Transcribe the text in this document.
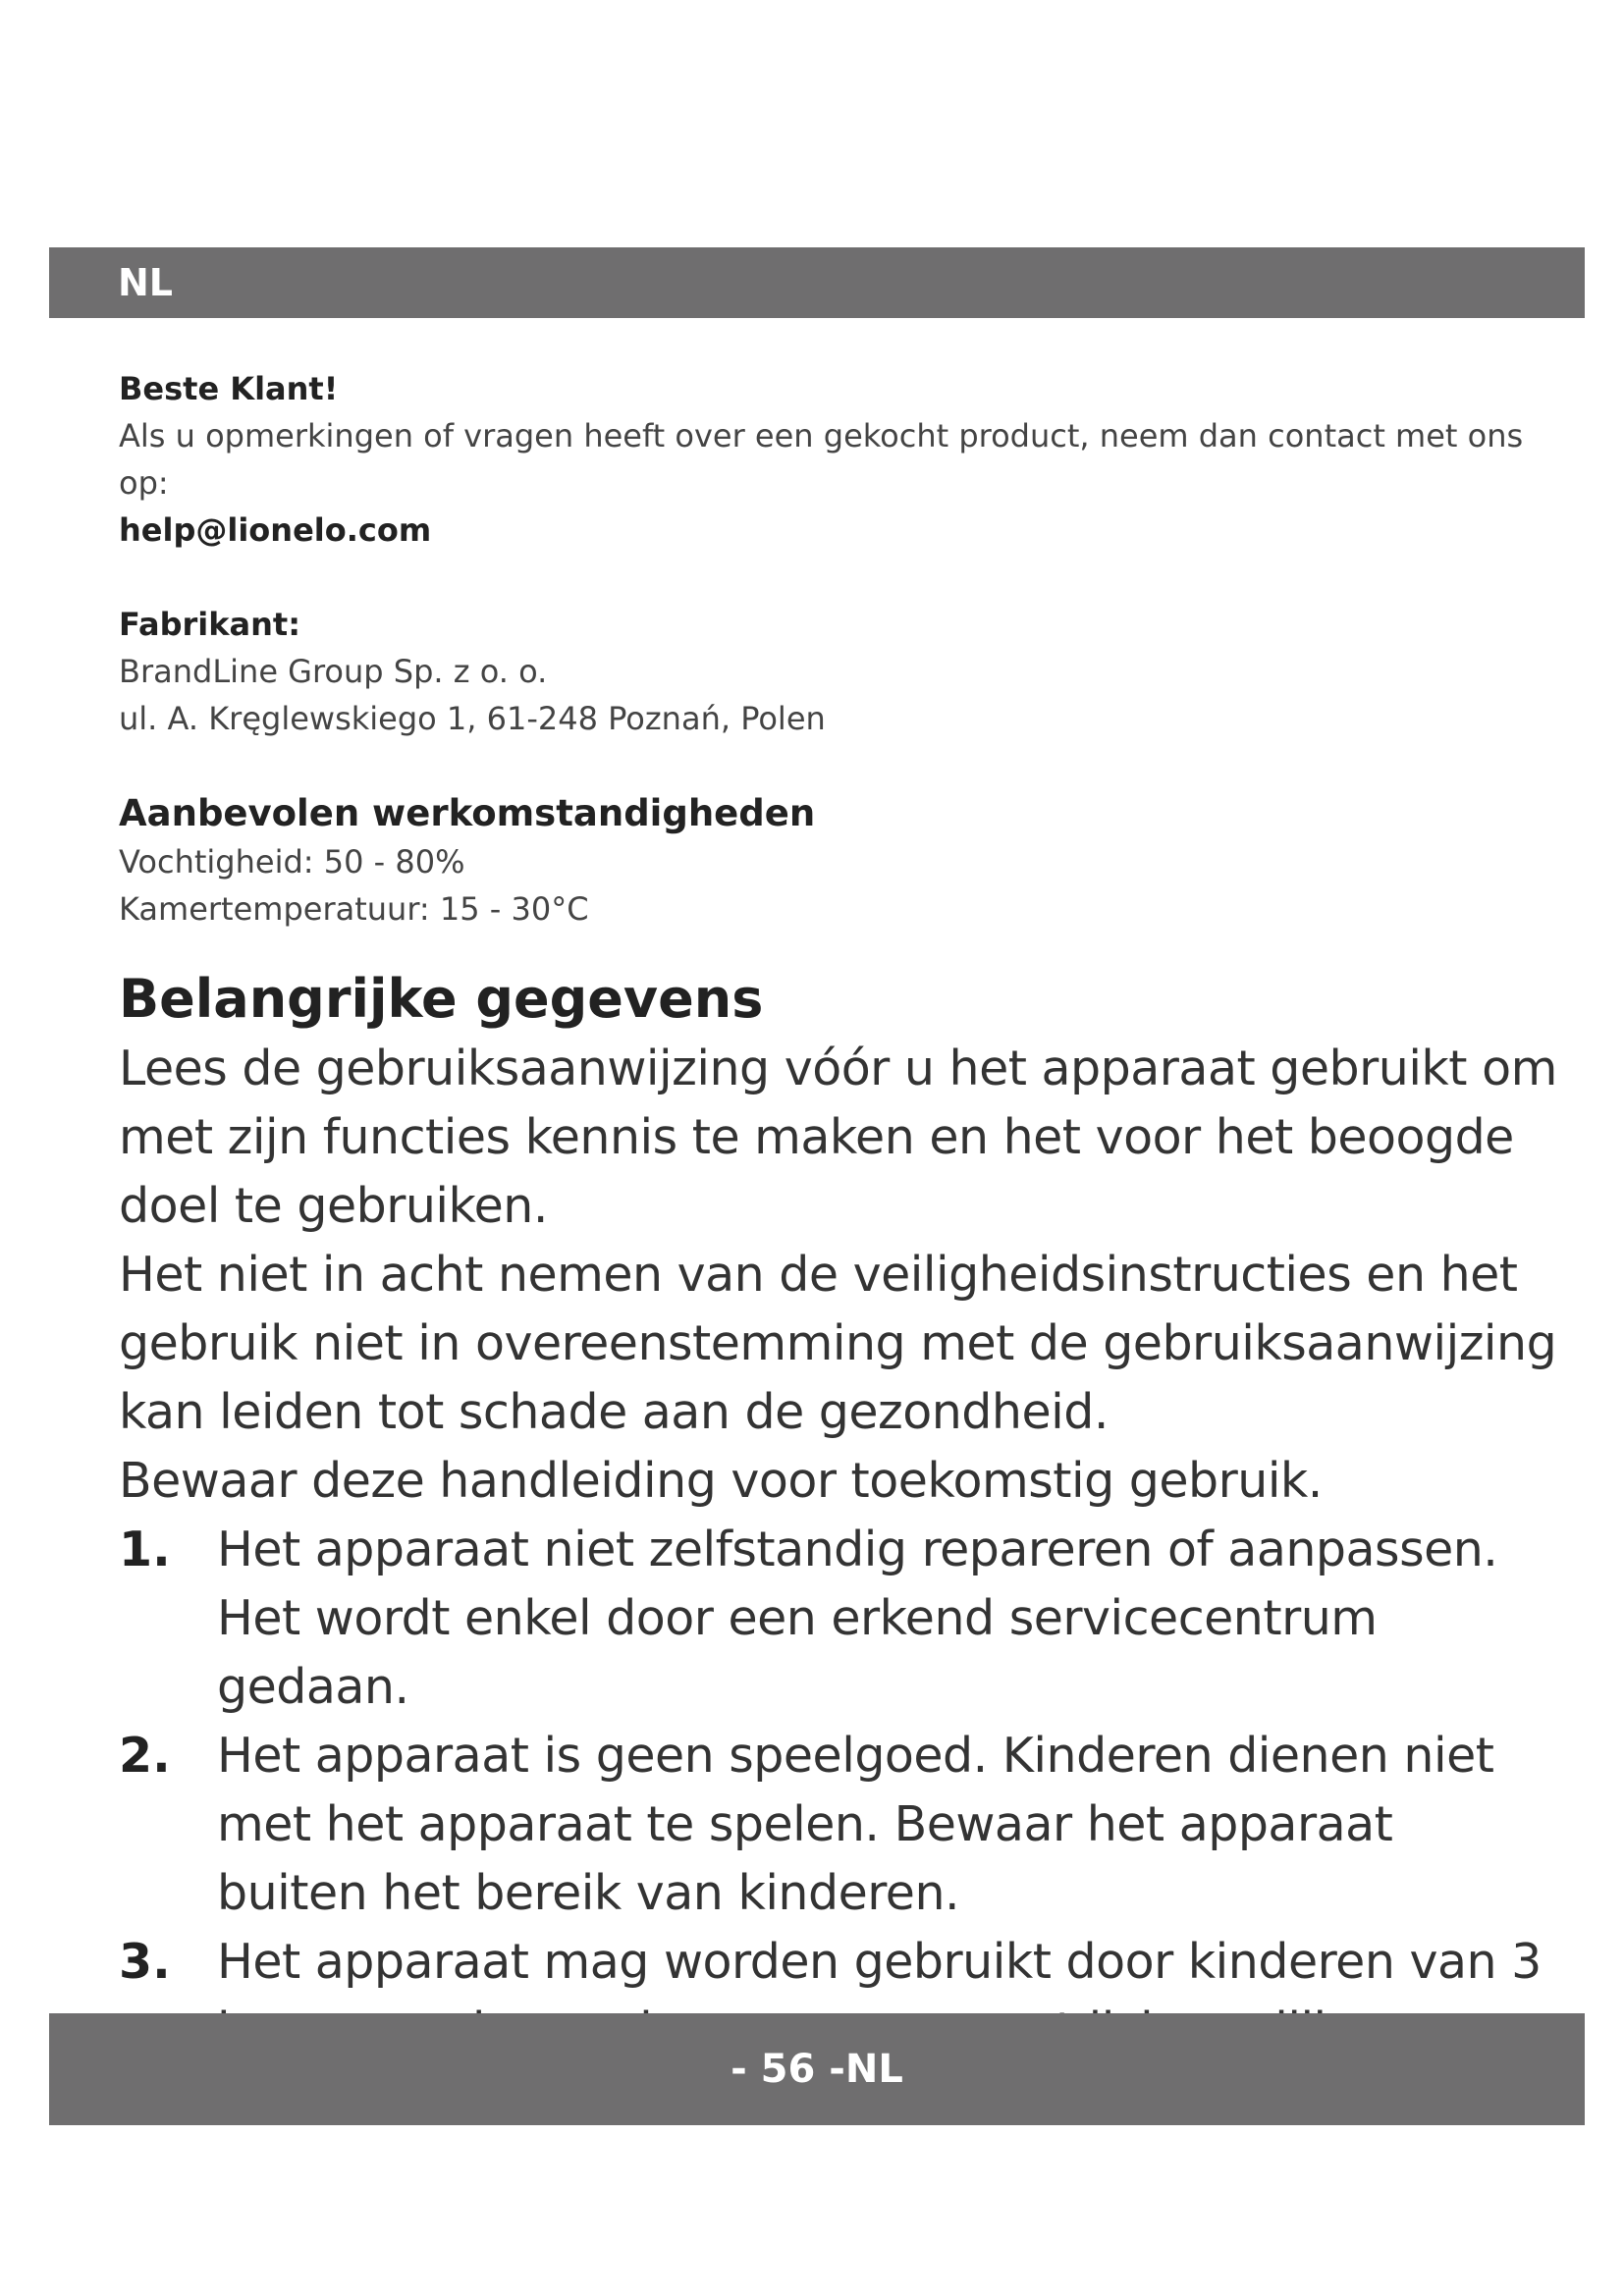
NL

Beste Klant!

Als u opmerkingen of vragen heeft over een gekocht product, neem dan contact met ons op:

help@lionelo.com

Fabrikant:

BrandLine Group Sp. z o. o.

ul. A. Kręglewskiego 1, 61-248 Poznań, Polen

Aanbevolen werkomstandigheden

Vochtigheid: 50 - 80%

Kamertemperatuur: 15 - 30°C

Belangrijke gegevens

Lees de gebruiksaanwijzing vóór u het apparaat gebruikt om met zijn functies kennis te maken en het voor het beoogde doel te gebruiken.

Het niet in acht nemen van de veiligheidsinstructies en het gebruik niet in overeenstemming met de gebruiksaanwijzing kan leiden tot schade aan de gezondheid.

Bewaar deze handleiding voor toekomstig gebruik.

1. Het apparaat niet zelfstandig repareren of aanpassen. Het wordt enkel door een erkend servicecentrum gedaan.
2. Het apparaat is geen speelgoed. Kinderen dienen niet met het apparaat te spelen. Bewaar het apparaat buiten het bereik van kinderen.
3. Het apparaat mag worden gebruikt door kinderen van 3
- 56 -NL
